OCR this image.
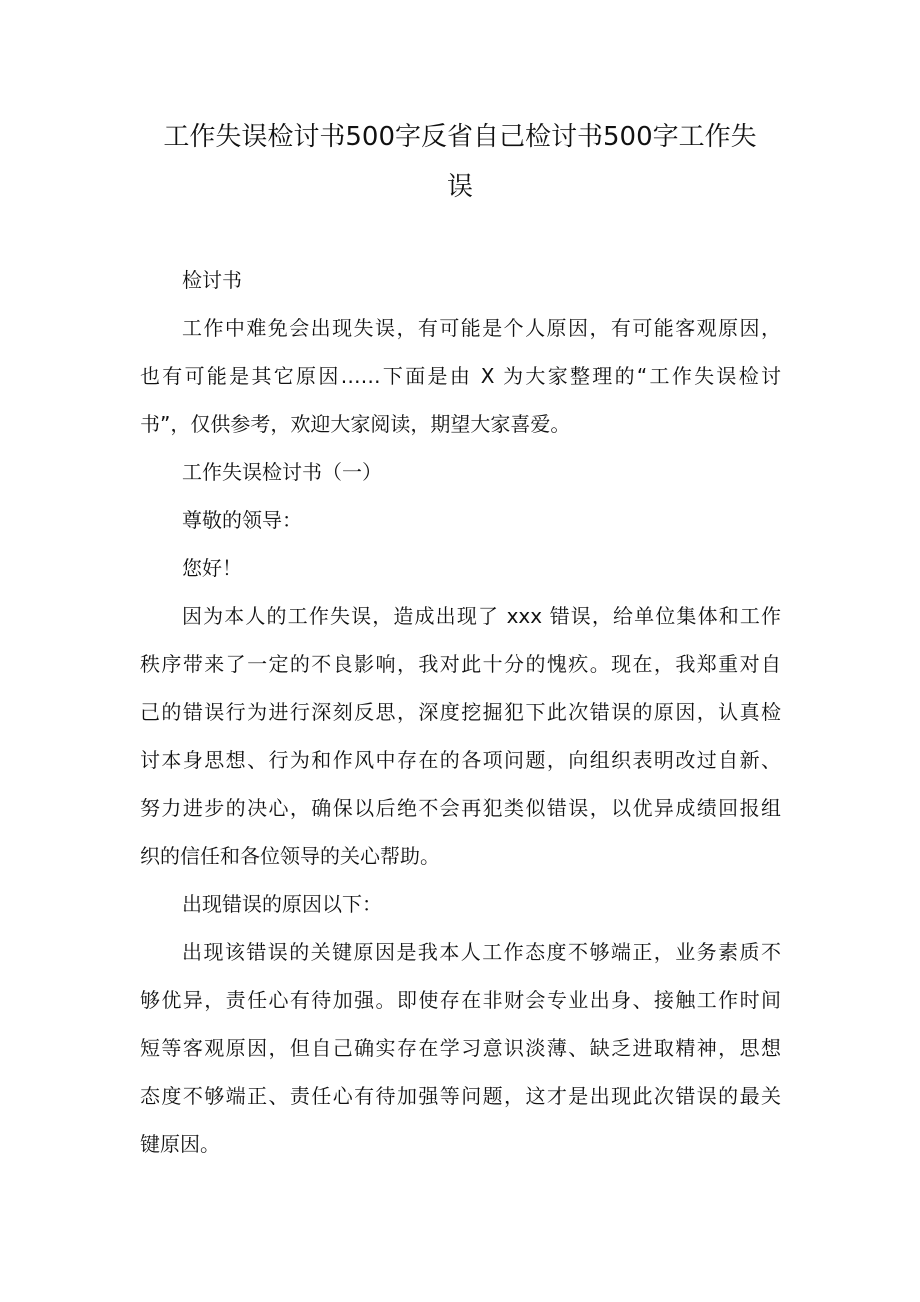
工作失误检讨书500字反省自己检讨书500字工作失
误
检讨书
工作中难免会出现失误，有可能是个人原因，有可能客观原因，
也有可能是其它原因……下面是由 X 为大家整理的“工作失误检讨
书”，仅供参考，欢迎大家阅读，期望大家喜爱。
工作失误检讨书（一）
尊敬的领导：
您好！
因为本人的工作失误，造成出现了 xxx 错误，给单位集体和工作
秩序带来了一定的不良影响，我对此十分的愧疚。现在，我郑重对自
己的错误行为进行深刻反思，深度挖掘犯下此次错误的原因，认真检
讨本身思想、行为和作风中存在的各项问题，向组织表明改过自新、
努力进步的决心，确保以后绝不会再犯类似错误，以优异成绩回报组
织的信任和各位领导的关心帮助。
出现错误的原因以下：
出现该错误的关键原因是我本人工作态度不够端正，业务素质不
够优异，责任心有待加强。即使存在非财会专业出身、接触工作时间
短等客观原因，但自己确实存在学习意识淡薄、缺乏进取精神，思想
态度不够端正、责任心有待加强等问题，这才是出现此次错误的最关
键原因。
